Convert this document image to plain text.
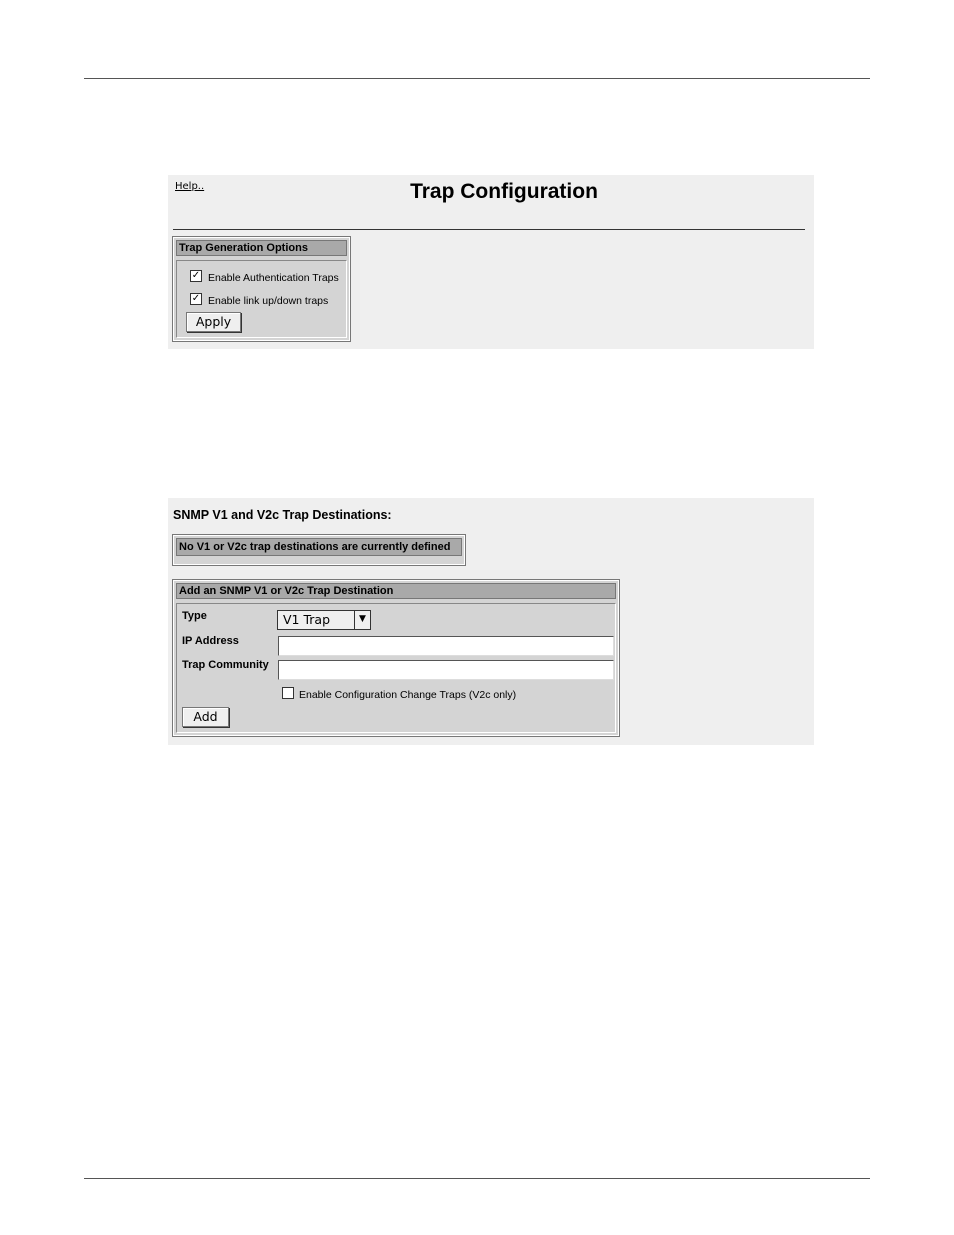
Help..	Trap Configuration
Trap Generation Options
✓ Enable Authentication Traps
✓ Enable link up/down traps
Apply
SNMP V1 and V2c Trap Destinations:
No V1 or V2c trap destinations are currently defined
Add an SNMP V1 or V2c Trap Destination
Type	V1 Trap	▼
IP Address
Trap Community
Enable Configuration Change Traps (V2c only)
Add
